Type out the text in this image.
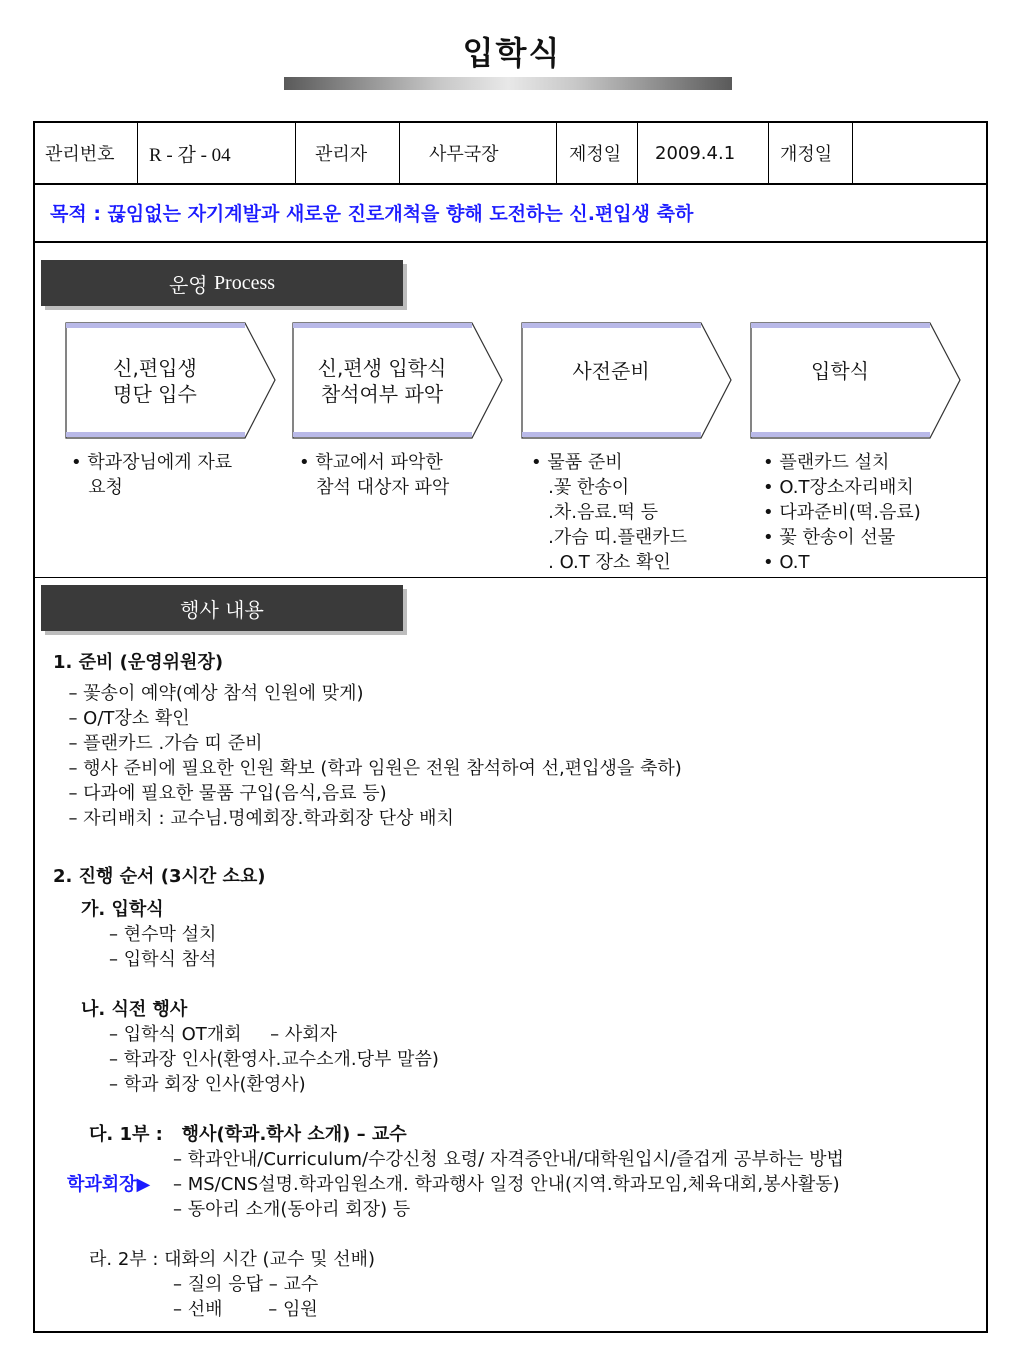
입학식
관리번호 R - 감 - 04	관리자	사무국장	제정일 2009.4.1 개정일
목적 : 끊임없는 자기계발과 새로운 진로개척을 향해 도전하는 신.편입생 축하
운영
Process
신,편입생
명단 입수
신,편생 입학식
참석여부 파악
사전준비	입학식
• 학과장님에게 자료
요청
• 학교에서 파악한
참석 대상자 파악
• 물품 준비
.꽃 한송이
.차.음료.떡 등
.가슴 띠.플랜카드
. O.T 장소 확인
• 플랜카드 설치
• O.T장소자리배치
• 다과준비(떡.음료)
• 꽃 한송이 선물
• O.T
행사 내용
1. 준비 (운영위원장)
– 꽃송이 예약(예상 참석 인원에 맞게)
– O/T장소 확인
– 플랜카드 .가슴 띠 준비
– 행사 준비에 필요한 인원 확보 (학과 임원은 전원 참석하여 선,편입생을 축하)
– 다과에 필요한 물품 구입(음식,음료 등)
– 자리배치 : 교수님.명예회장.학과회장 단상 배치
2. 진행 순서 (3시간 소요)
가. 입학식
– 현수막 설치
– 입학식 참석
나. 식전 행사
– 입학식 OT개회     – 사회자
– 학과장 인사(환영사.교수소개.당부 말씀)
– 학과 회장 인사(환영사)
다. 1부 :   행사(학과.학사 소개) – 교수
– 학과안내/Curriculum/수강신청 요령/ 자격증안내/대학원입시/즐겁게 공부하는 방법
학과회장▶ – MS/CNS설명.학과임원소개. 학과행사 일정 안내(지역.학과모임,체육대회,봉사활동)
– 동아리 소개(동아리 회장) 등
라. 2부 : 대화의 시간 (교수 및 선배)
– 질의 응답 – 교수
– 선배        – 임원
